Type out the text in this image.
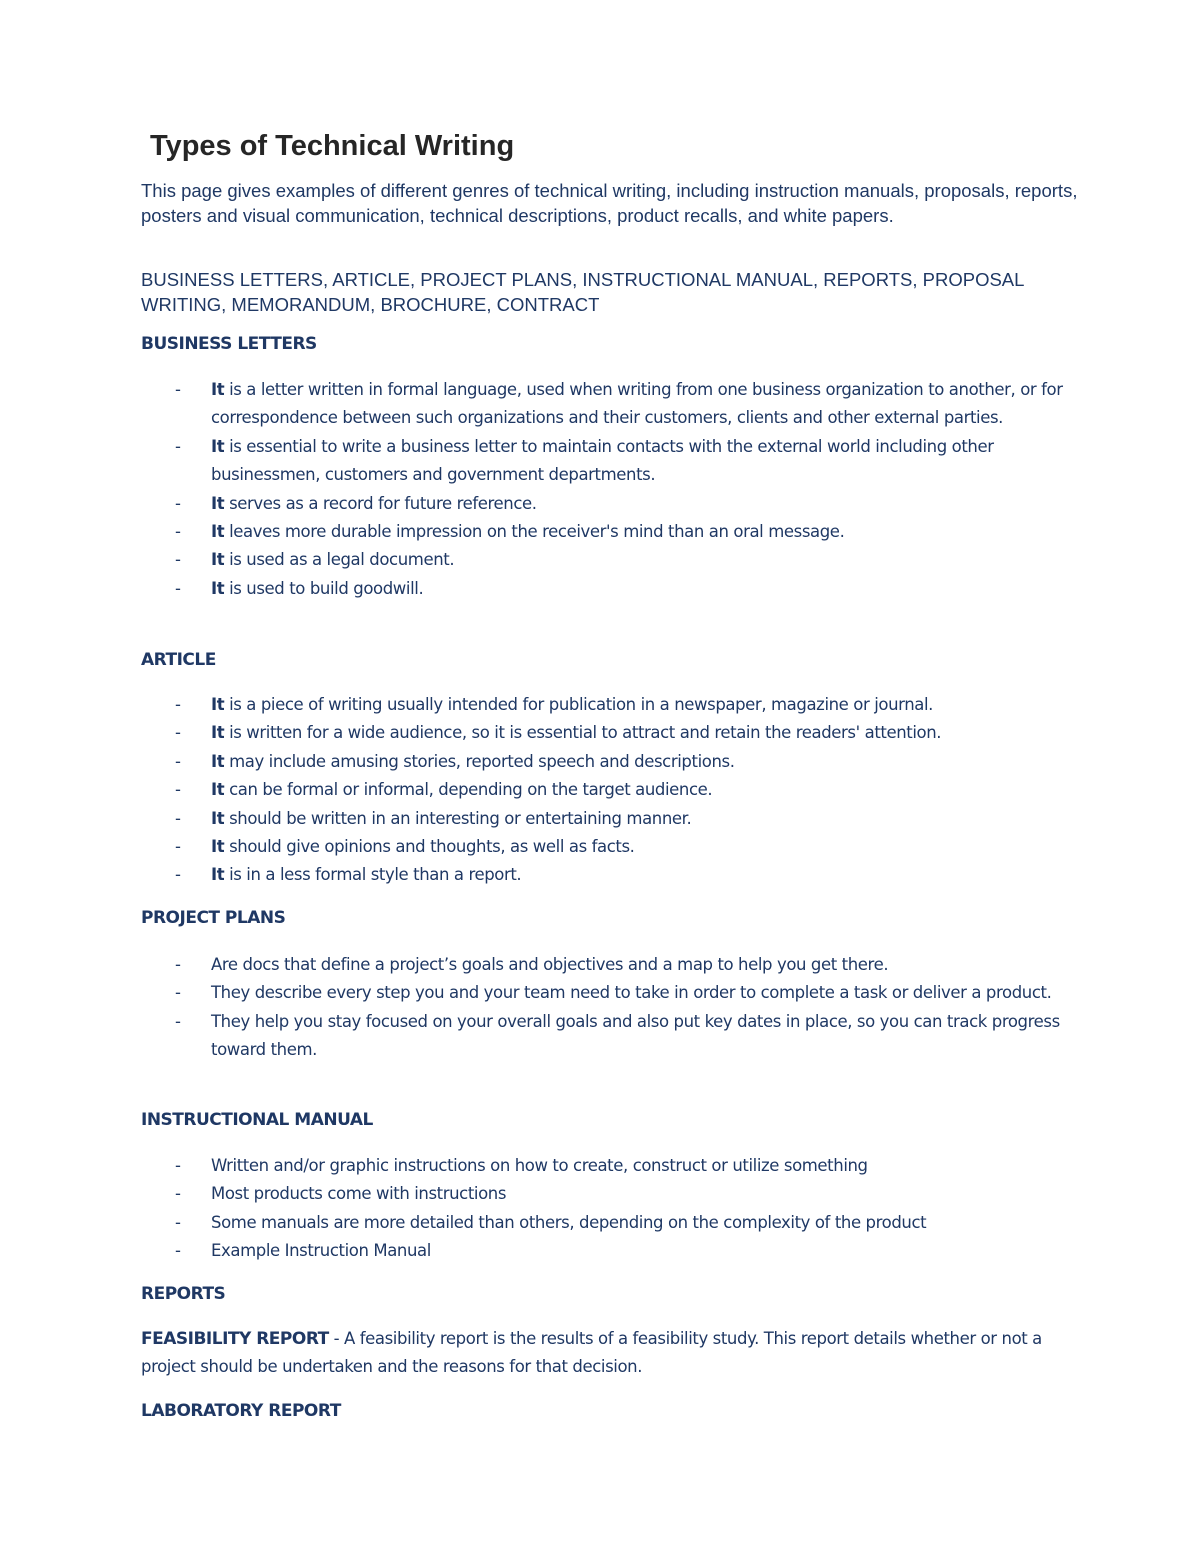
Types of Technical Writing

This page gives examples of different genres of technical writing, including instruction manuals, proposals, reports, posters and visual communication, technical descriptions, product recalls, and white papers.

BUSINESS LETTERS, ARTICLE, PROJECT PLANS, INSTRUCTIONAL MANUAL, REPORTS, PROPOSAL WRITING, MEMORANDUM, BROCHURE, CONTRACT

BUSINESS LETTERS
- It is a letter written in formal language, used when writing from one business organization to another, or for correspondence between such organizations and their customers, clients and other external parties.
- It is essential to write a business letter to maintain contacts with the external world including other businessmen, customers and government departments.
- It serves as a record for future reference.
- It leaves more durable impression on the receiver's mind than an oral message.
- It is used as a legal document.
- It is used to build goodwill.
ARTICLE
- It is a piece of writing usually intended for publication in a newspaper, magazine or journal.
- It is written for a wide audience, so it is essential to attract and retain the readers' attention.
- It may include amusing stories, reported speech and descriptions.
- It can be formal or informal, depending on the target audience.
- It should be written in an interesting or entertaining manner.
- It should give opinions and thoughts, as well as facts.
- It is in a less formal style than a report.
PROJECT PLANS
- Are docs that define a project’s goals and objectives and a map to help you get there.
- They describe every step you and your team need to take in order to complete a task or deliver a product.
- They help you stay focused on your overall goals and also put key dates in place, so you can track progress toward them.
INSTRUCTIONAL MANUAL
- Written and/or graphic instructions on how to create, construct or utilize something
- Most products come with instructions
- Some manuals are more detailed than others, depending on the complexity of the product
- Example Instruction Manual
REPORTS

FEASIBILITY REPORT - A feasibility report is the results of a feasibility study. This report details whether or not a project should be undertaken and the reasons for that decision.

LABORATORY REPORT
